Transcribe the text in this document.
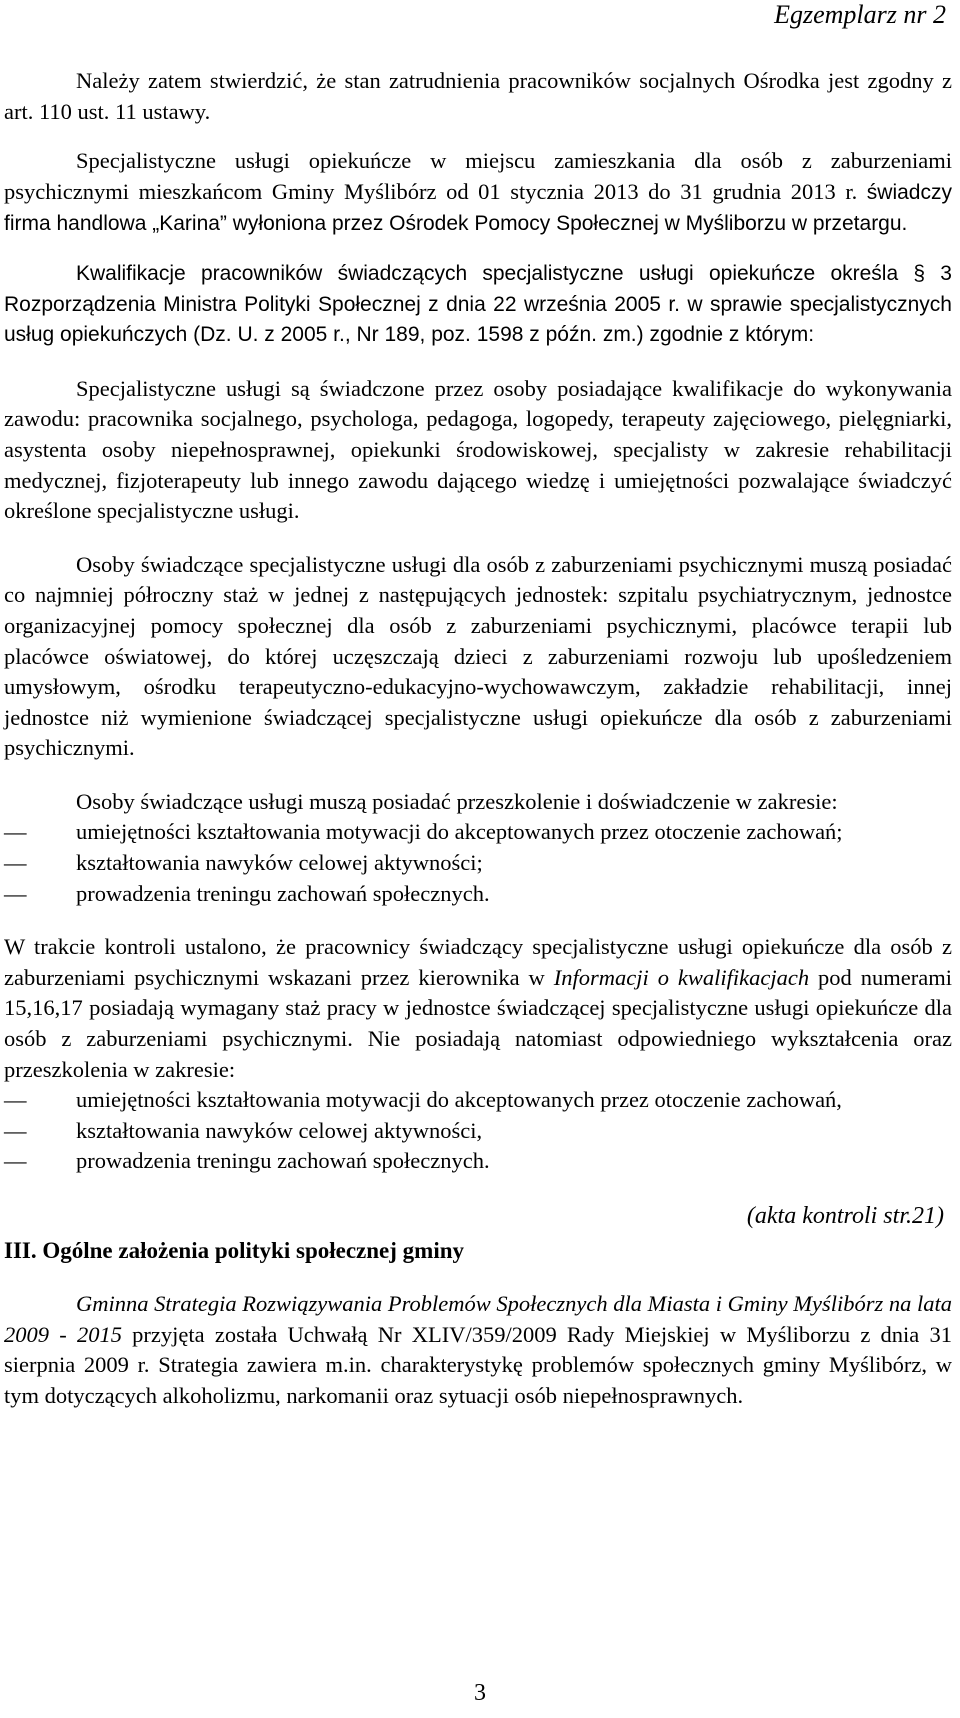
Egzemplarz nr 2

Należy zatem stwierdzić, że stan zatrudnienia pracowników socjalnych Ośrodka jest zgodny z art. 110 ust. 11 ustawy.

Specjalistyczne usługi opiekuńcze w miejscu zamieszkania dla osób z zaburzeniami psychicznymi mieszkańcom Gminy Myślibórz od 01 stycznia 2013 do 31 grudnia 2013 r. świadczy firma handlowa „Karina” wyłoniona przez Ośrodek Pomocy Społecznej w Myśliborzu w przetargu.

Kwalifikacje pracowników świadczących specjalistyczne usługi opiekuńcze określa § 3 Rozporządzenia Ministra Polityki Społecznej z dnia 22 września 2005 r. w sprawie specjalistycznych usług opiekuńczych (Dz. U. z 2005 r., Nr 189, poz. 1598 z późn. zm.) zgodnie z którym:

Specjalistyczne usługi są świadczone przez osoby posiadające kwalifikacje do wykonywania zawodu: pracownika socjalnego, psychologa, pedagoga, logopedy, terapeuty zajęciowego, pielęgniarki, asystenta osoby niepełnosprawnej, opiekunki środowiskowej, specjalisty w zakresie rehabilitacji medycznej, fizjoterapeuty lub innego zawodu dającego wiedzę i umiejętności pozwalające świadczyć określone specjalistyczne usługi.

Osoby świadczące specjalistyczne usługi dla osób z zaburzeniami psychicznymi muszą posiadać co najmniej półroczny staż w jednej z następujących jednostek: szpitalu psychiatrycznym, jednostce organizacyjnej pomocy społecznej dla osób z zaburzeniami psychicznymi, placówce terapii lub placówce oświatowej, do której uczęszczają dzieci z zaburzeniami rozwoju lub upośledzeniem umysłowym, ośrodku terapeutyczno-edukacyjno-wychowawczym, zakładzie rehabilitacji, innej jednostce niż wymienione świadczącej specjalistyczne usługi opiekuńcze dla osób z zaburzeniami psychicznymi.

Osoby świadczące usługi muszą posiadać przeszkolenie i doświadczenie w zakresie:

—	umiejętności kształtowania motywacji do akceptowanych przez otoczenie zachowań;
—	kształtowania nawyków celowej aktywności;
—	prowadzenia treningu zachowań społecznych.

W trakcie kontroli ustalono, że pracownicy świadczący specjalistyczne usługi opiekuńcze dla osób z zaburzeniami psychicznymi wskazani przez kierownika w Informacji o kwalifikacjach pod numerami 15,16,17 posiadają wymagany staż pracy w jednostce świadczącej specjalistyczne usługi opiekuńcze dla osób z zaburzeniami psychicznymi. Nie posiadają natomiast odpowiedniego wykształcenia oraz przeszkolenia w zakresie:

—	umiejętności kształtowania motywacji do akceptowanych przez otoczenie zachowań,
—	kształtowania nawyków celowej aktywności,
—	prowadzenia treningu zachowań społecznych.
(akta kontroli str.21)
III. Ogólne założenia polityki społecznej gminy

Gminna Strategia Rozwiązywania Problemów Społecznych dla Miasta i Gminy Myślibórz na lata 2009 - 2015 przyjęta została Uchwałą Nr XLIV/359/2009 Rady Miejskiej w Myśliborzu z dnia 31 sierpnia 2009 r. Strategia zawiera m.in. charakterystykę problemów społecznych gminy Myślibórz, w tym dotyczących alkoholizmu, narkomanii oraz sytuacji osób niepełnosprawnych.

3
